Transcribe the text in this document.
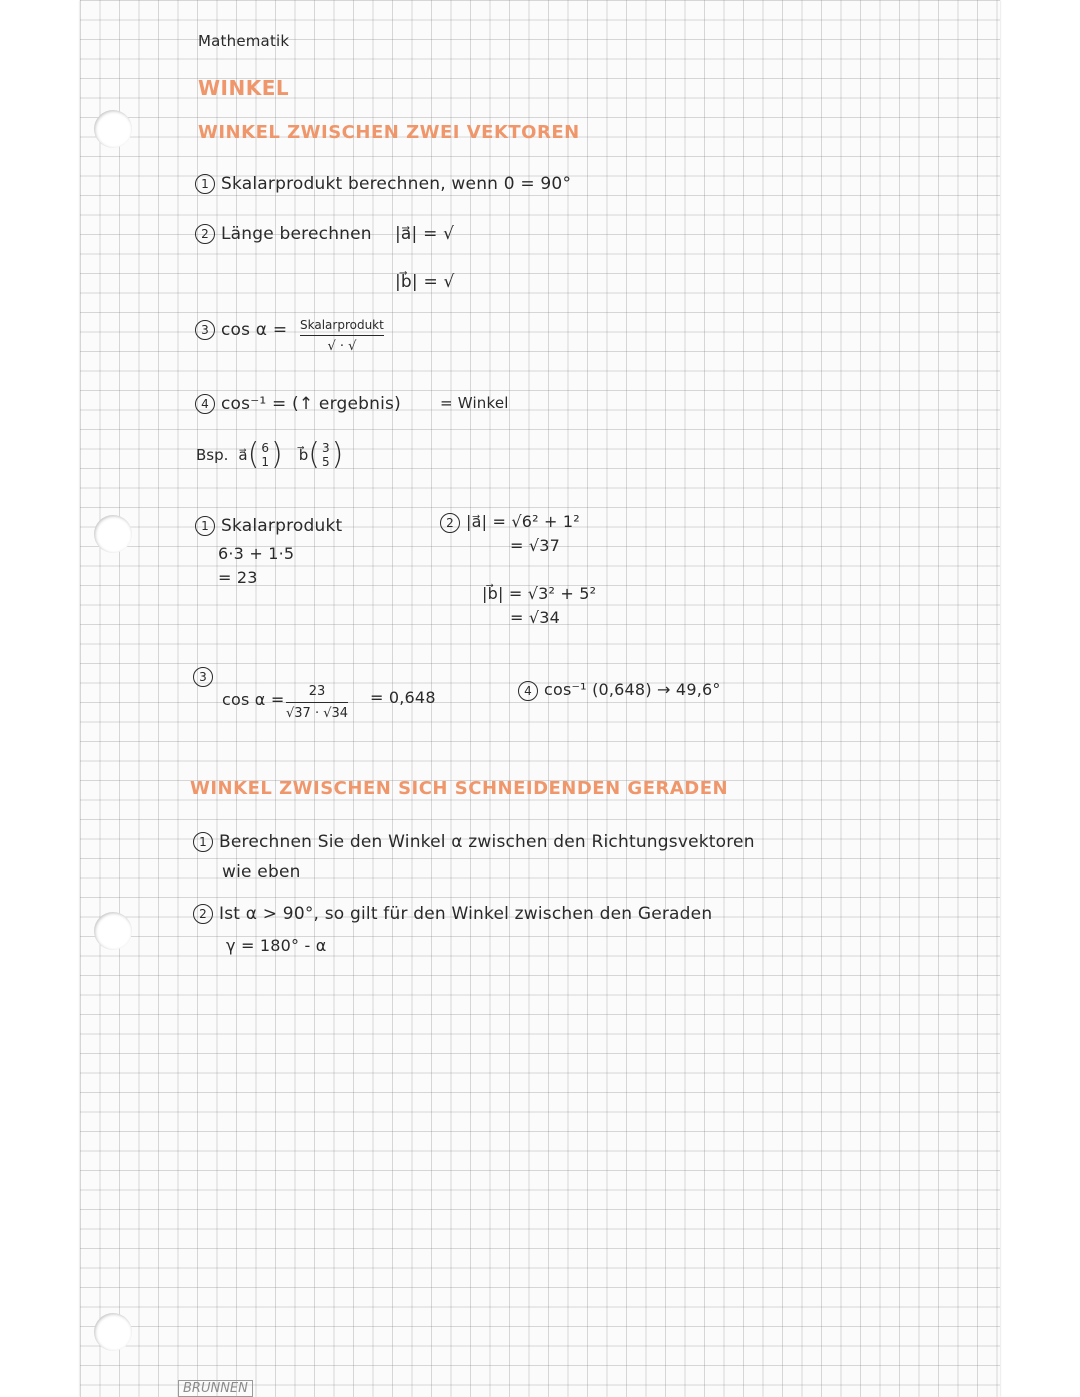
Mathematik
WINKEL
WINKEL ZWISCHEN ZWEI VEKTOREN
1 Skalarprodukt berechnen, wenn 0 = 90°
2 Länge berechnen |a⃗| = √
|b⃗| = √
3 cos α = Skalarprodukt
√ · √
4 cos⁻¹ = (↑ ergebnis)	= Winkel
Bsp. a⃗ ( 6
1 ) b⃗ ( 3
5 )
1 Skalarprodukt
6·3 + 1·5
= 23
2 |a⃗| = √6² + 1²
= √37
|b⃗| = √3² + 5²
= √34
3
cos α = 23
√37 · √34
= 0,648	4 cos⁻¹ (0,648) → 49,6°
WINKEL ZWISCHEN SICH SCHNEIDENDEN GERADEN
1 Berechnen Sie den Winkel α zwischen den Richtungsvektoren
wie eben
2 Ist α > 90°, so gilt für den Winkel zwischen den Geraden
γ = 180° - α
BRUNNEN
